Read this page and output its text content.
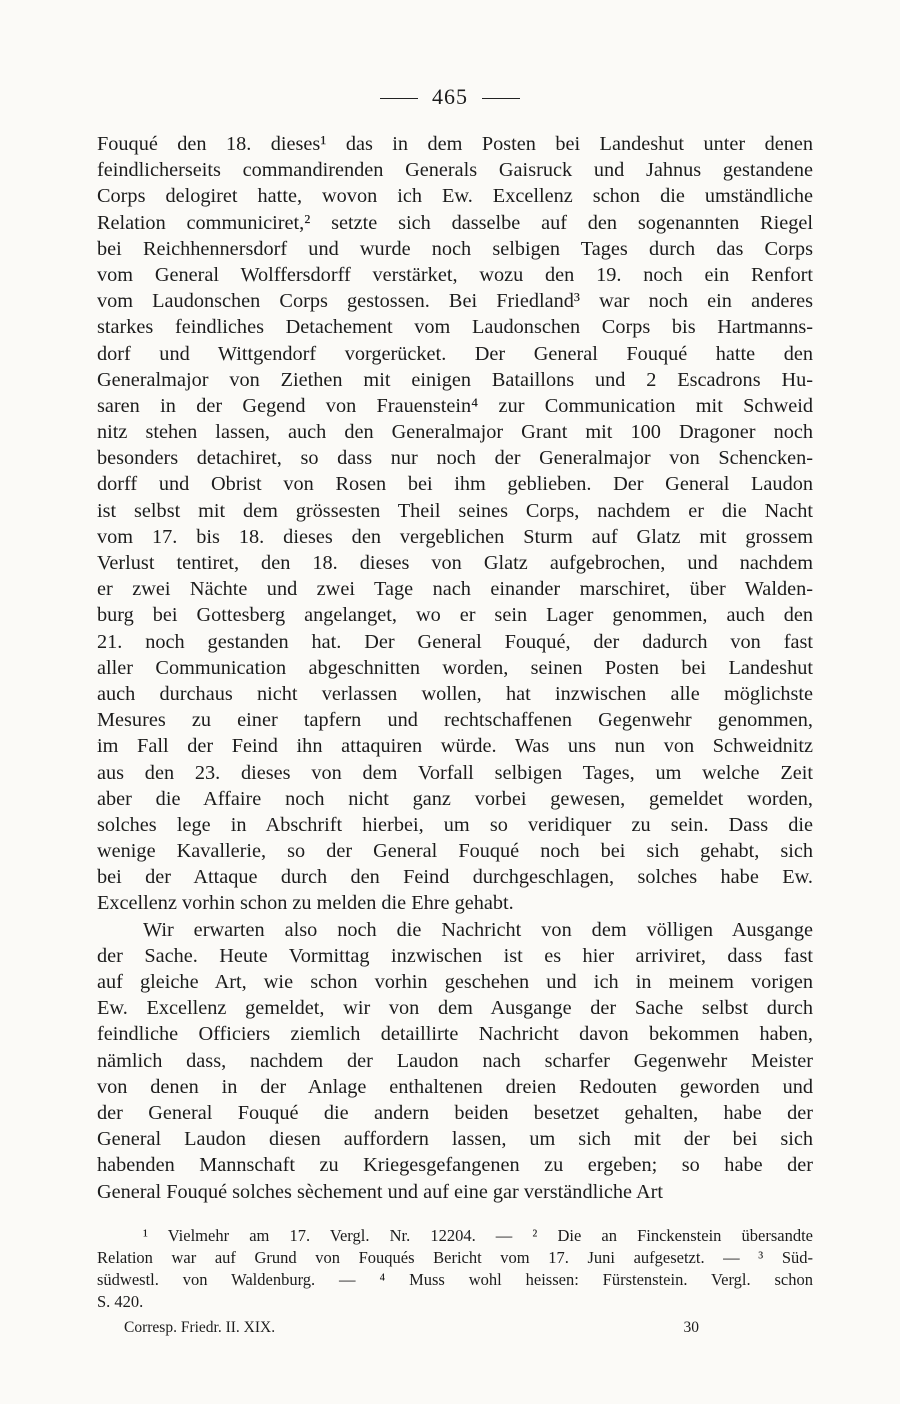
465
Fouqué den 18. dieses¹ das in dem Posten bei Landeshut unter denen
feindlicherseits commandirenden Generals Gaisruck und Jahnus gestandene
Corps delogiret hatte, wovon ich Ew. Excellenz schon die umständliche
Relation communiciret,² setzte sich dasselbe auf den sogenannten Riegel
bei Reichhennersdorf und wurde noch selbigen Tages durch das Corps
vom General Wolffersdorff verstärket, wozu den 19. noch ein Renfort
vom Laudonschen Corps gestossen. Bei Friedland³ war noch ein anderes
starkes feindliches Detachement vom Laudonschen Corps bis Hartmanns-
dorf und Wittgendorf vorgerücket. Der General Fouqué hatte den
Generalmajor von Ziethen mit einigen Bataillons und 2 Escadrons Hu-
saren in der Gegend von Frauenstein⁴ zur Communication mit Schweid
nitz stehen lassen, auch den Generalmajor Grant mit 100 Dragoner noch
besonders detachiret, so dass nur noch der Generalmajor von Schencken-
dorff und Obrist von Rosen bei ihm geblieben. Der General Laudon
ist selbst mit dem grössesten Theil seines Corps, nachdem er die Nacht
vom 17. bis 18. dieses den vergeblichen Sturm auf Glatz mit grossem
Verlust tentiret, den 18. dieses von Glatz aufgebrochen, und nachdem
er zwei Nächte und zwei Tage nach einander marschiret, über Walden-
burg bei Gottesberg angelanget, wo er sein Lager genommen, auch den
21. noch gestanden hat. Der General Fouqué, der dadurch von fast
aller Communication abgeschnitten worden, seinen Posten bei Landeshut
auch durchaus nicht verlassen wollen, hat inzwischen alle möglichste
Mesures zu einer tapfern und rechtschaffenen Gegenwehr genommen,
im Fall der Feind ihn attaquiren würde. Was uns nun von Schweidnitz
aus den 23. dieses von dem Vorfall selbigen Tages, um welche Zeit
aber die Affaire noch nicht ganz vorbei gewesen, gemeldet worden,
solches lege in Abschrift hierbei, um so veridiquer zu sein. Dass die
wenige Kavallerie, so der General Fouqué noch bei sich gehabt, sich
bei der Attaque durch den Feind durchgeschlagen, solches habe Ew.
Excellenz vorhin schon zu melden die Ehre gehabt.
Wir erwarten also noch die Nachricht von dem völligen Ausgange
der Sache. Heute Vormittag inzwischen ist es hier arriviret, dass fast
auf gleiche Art, wie schon vorhin geschehen und ich in meinem vorigen
Ew. Excellenz gemeldet, wir von dem Ausgange der Sache selbst durch
feindliche Officiers ziemlich detaillirte Nachricht davon bekommen haben,
nämlich dass, nachdem der Laudon nach scharfer Gegenwehr Meister
von denen in der Anlage enthaltenen dreien Redouten geworden und
der General Fouqué die andern beiden besetzet gehalten, habe der
General Laudon diesen auffordern lassen, um sich mit der bei sich
habenden Mannschaft zu Kriegesgefangenen zu ergeben; so habe der
General Fouqué solches sèchement und auf eine gar verständliche Art
¹ Vielmehr am 17. Vergl. Nr. 12204. — ² Die an Finckenstein übersandte
Relation war auf Grund von Fouqués Bericht vom 17. Juni aufgesetzt. — ³ Süd-
südwestl. von Waldenburg. — ⁴ Muss wohl heissen: Fürstenstein. Vergl. schon
S. 420.
Corresp. Friedr. II. XIX.	30
